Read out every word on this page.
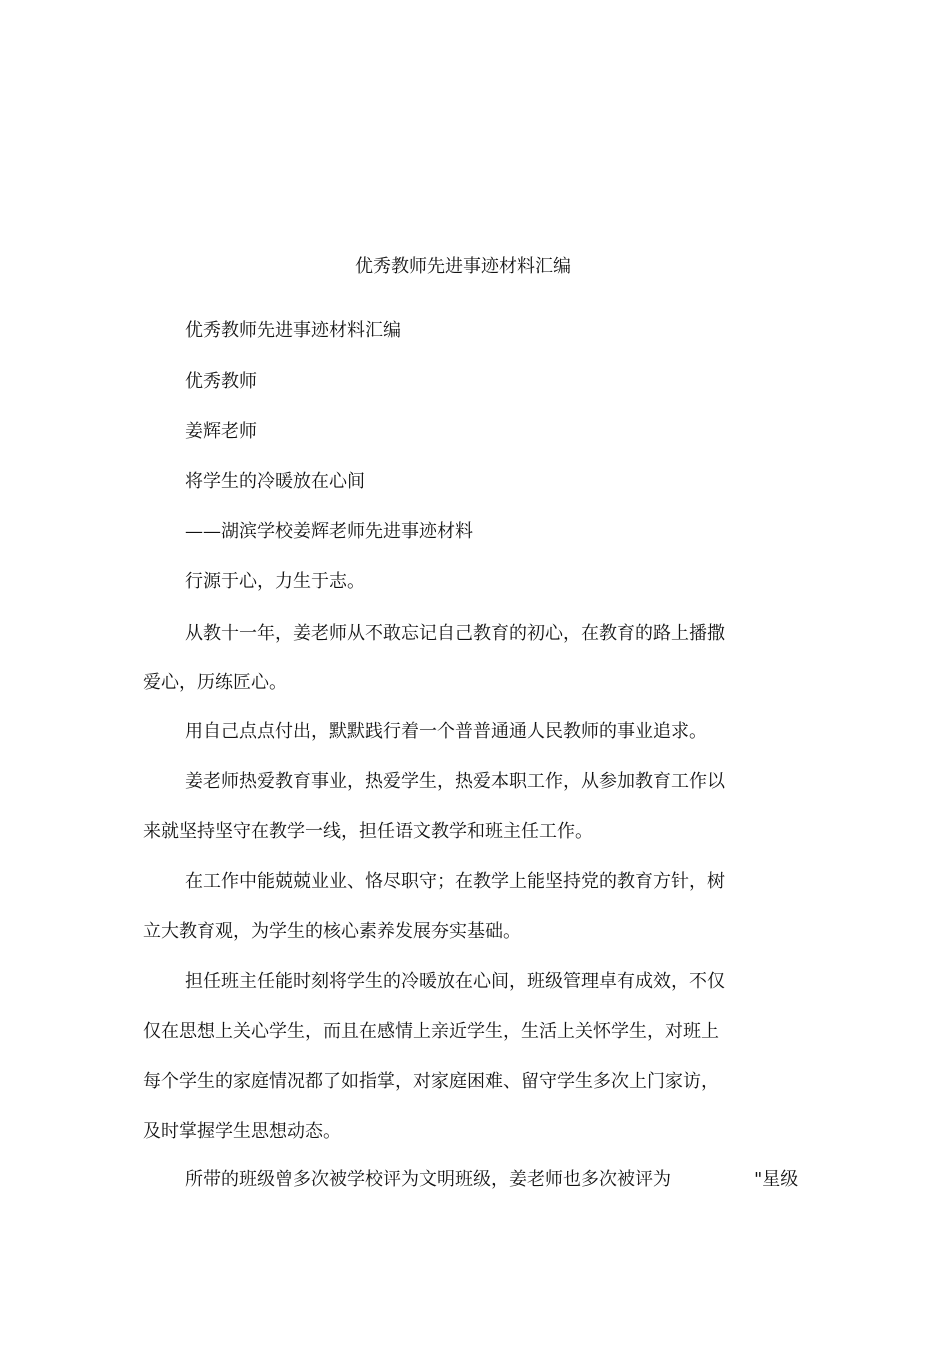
优秀教师先进事迹材料汇编
优秀教师先进事迹材料汇编
优秀教师
姜辉老师
将学生的冷暖放在心间
——湖滨学校姜辉老师先进事迹材料
行源于心，力生于志。
从教十一年，姜老师从不敢忘记自己教育的初心，在教育的路上播撒
爱心，历练匠心。
用自己点点付出，默默践行着一个普普通通人民教师的事业追求。
姜老师热爱教育事业，热爱学生，热爱本职工作，从参加教育工作以
来就坚持坚守在教学一线，担任语文教学和班主任工作。
在工作中能兢兢业业、恪尽职守；在教学上能坚持党的教育方针，树
立大教育观，为学生的核心素养发展夯实基础。
担任班主任能时刻将学生的冷暖放在心间，班级管理卓有成效，不仅
仅在思想上关心学生，而且在感情上亲近学生，生活上关怀学生，对班上
每个学生的家庭情况都了如指掌，对家庭困难、留守学生多次上门家访，
及时掌握学生思想动态。
所带的班级曾多次被学校评为文明班级，姜老师也多次被评为	"星级
